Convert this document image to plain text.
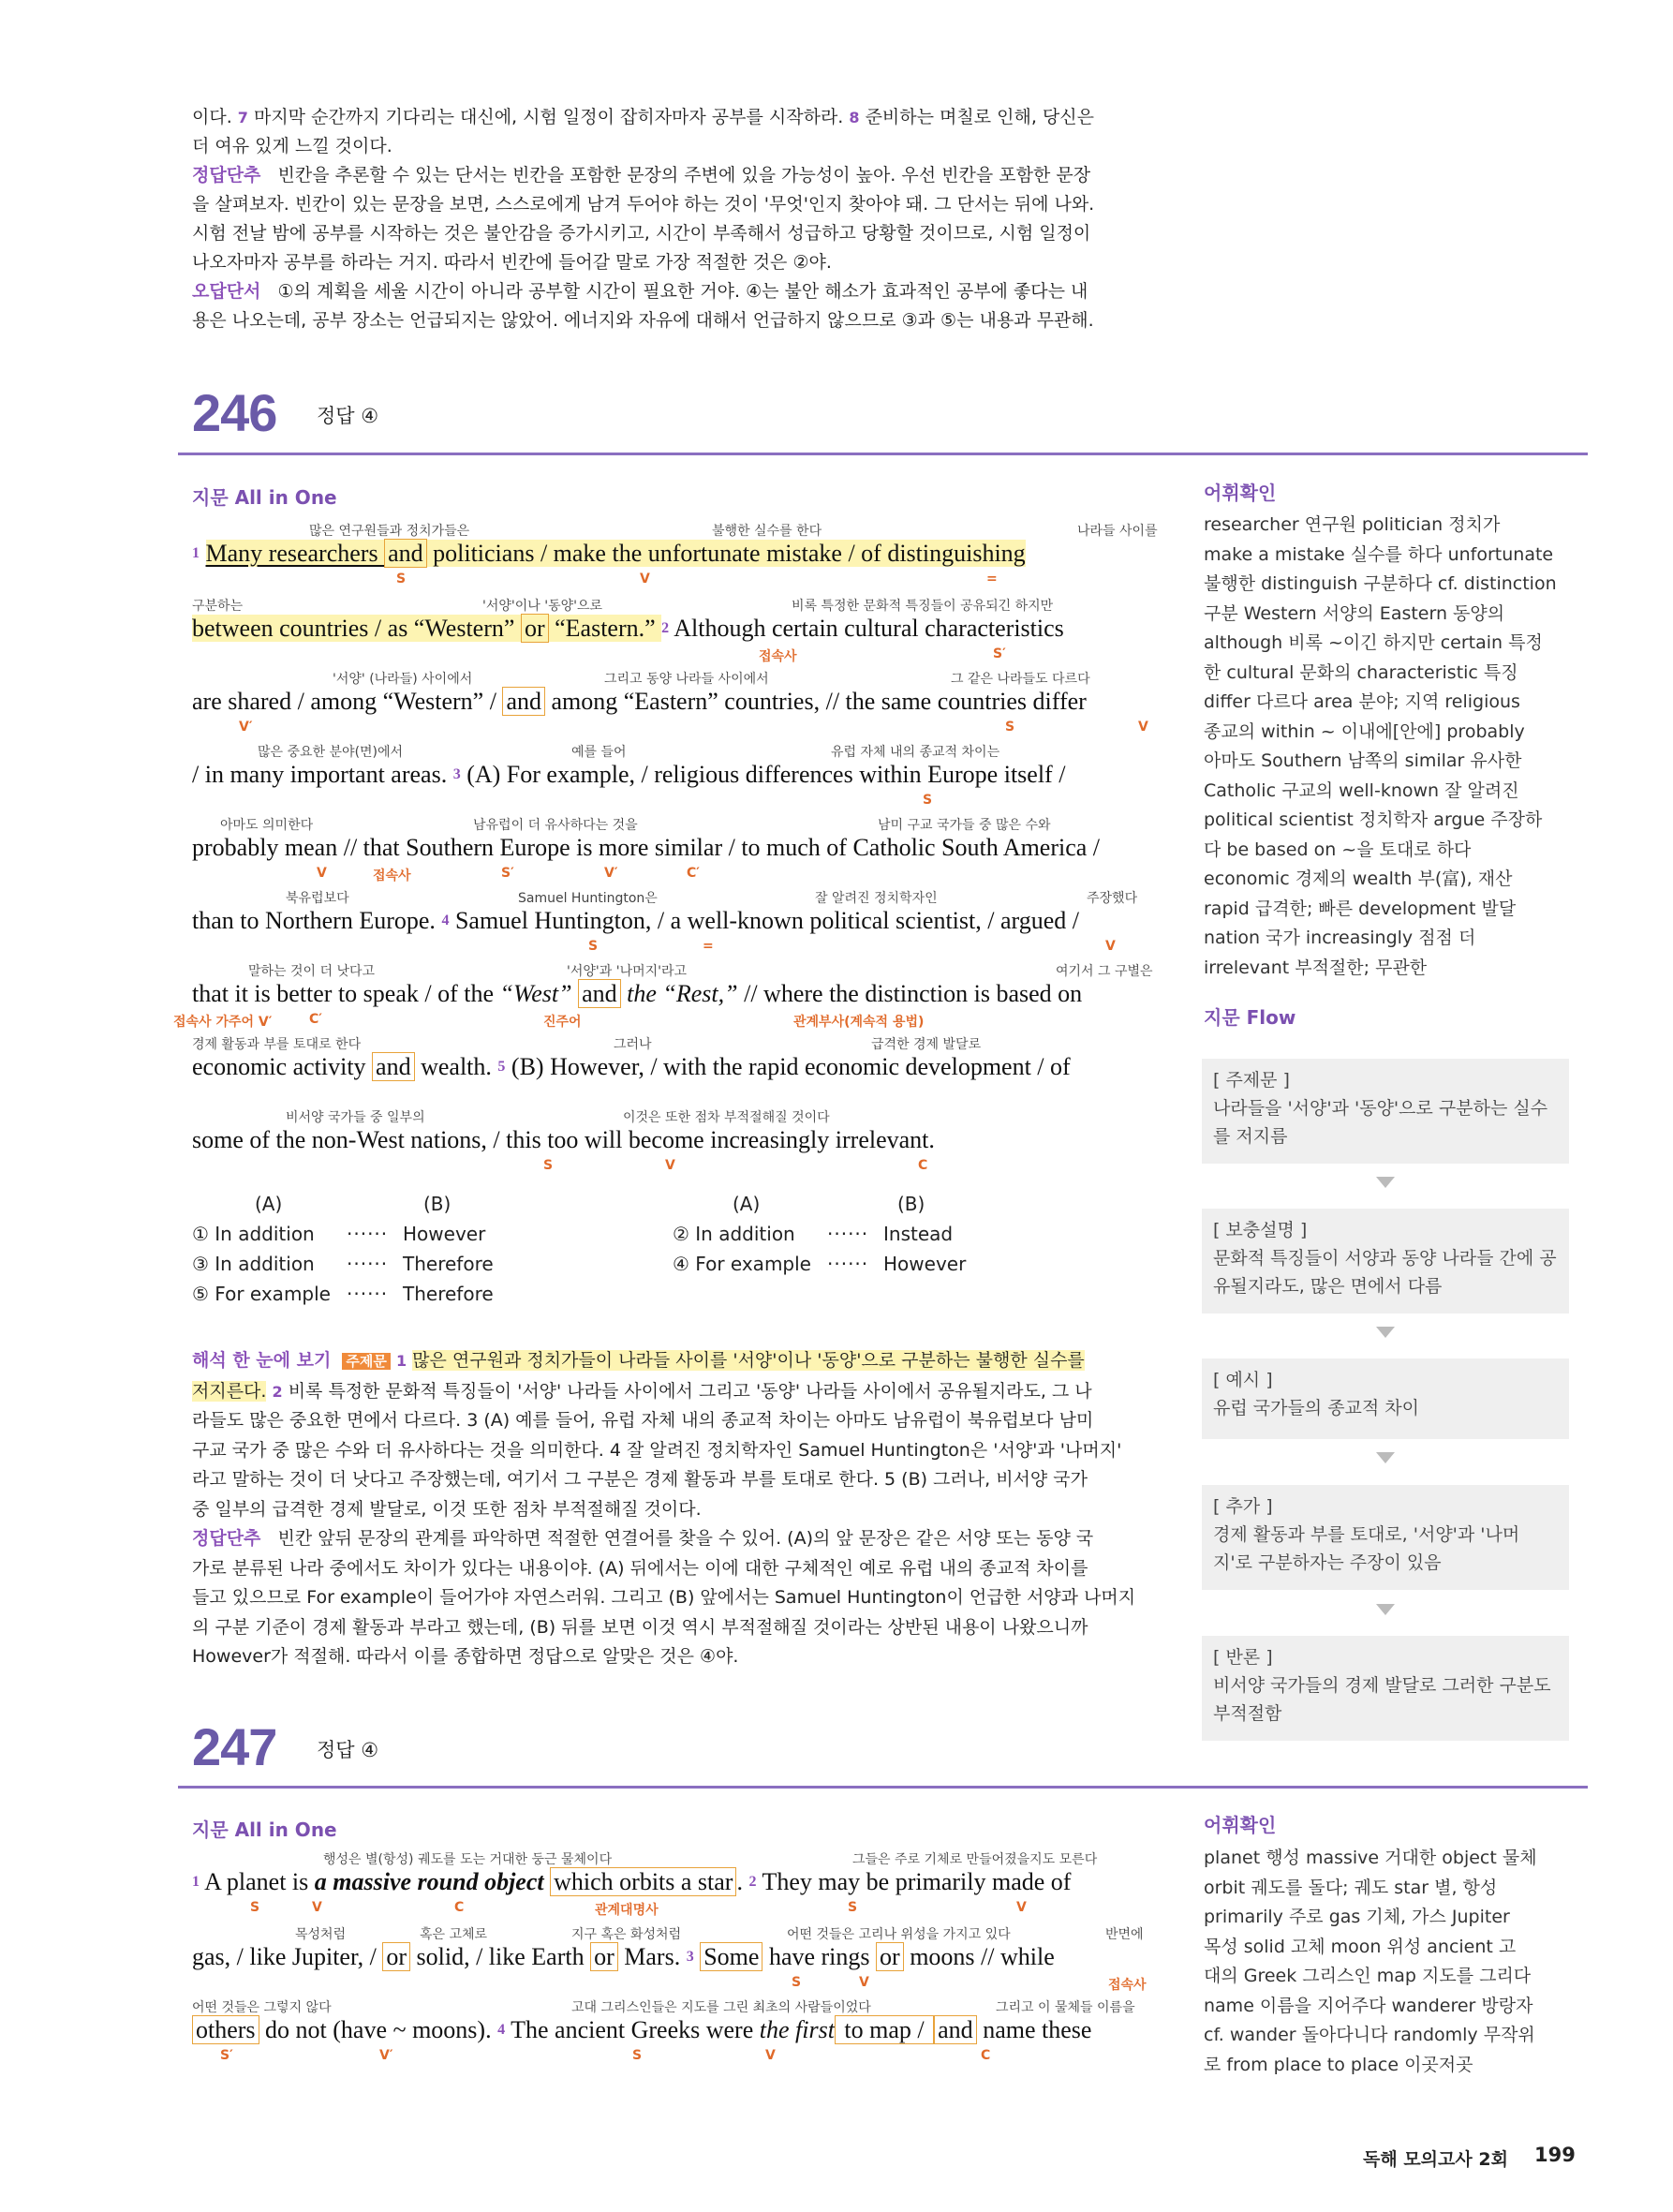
이다. $^7$ 마지막 순간까지 기다리는 대신에, 시험 일정이 잡히자마자 공부를 시작하라. $^8$ 준비하는 며칠로 인해, 당신은
더 여유 있게 느낄 것이다.
정답단추 빈칸을 추론할 수 있는 단서는 빈칸을 포함한 문장의 주변에 있을 가능성이 높아. 우선 빈칸을 포함한 문장
을 살펴보자. 빈칸이 있는 문장을 보면, 스스로에게 남겨 두어야 하는 것이 '무엇'인지 찾아야 돼. 그 단서는 뒤에 나와.
시험 전날 밤에 공부를 시작하는 것은 불안감을 증가시키고, 시간이 부족해서 성급하고 당황할 것이므로, 시험 일정이
나오자마자 공부를 하라는 거지. 따라서 빈칸에 들어갈 말로 가장 적절한 것은 ②야.
오답단서 ①의 계획을 세울 시간이 아니라 공부할 시간이 필요한 거야. ④는 불안 해소가 효과적인 공부에 좋다는 내
용은 나오는데, 공부 장소는 언급되지는 않았어. 에너지와 자유에 대해서 언급하지 않으므로 ③과 ⑤는 내용과 무관해.
246 정답 ④
지문 All in One
많은 연구원들과 정치가들은	불행한 실수를 한다	나라들 사이를
$^1$ Many researchers and politicians / make the unfortunate mistake / of distinguishing
S	V	=
구분하는	'서양'이나 '동양'으로	비록 특정한 문화적 특징들이 공유되긴 하지만
between countries / as “Western” or “Eastern.” $^2$ Although certain cultural characteristics
접속사	S′
'서양' (나라들) 사이에서	그리고 동양 나라들 사이에서	그 같은 나라들도 다르다
are shared / among “Western” / and among “Eastern” countries, // the same countries differ
V′	S	V
많은 중요한 분야(면)에서	예를 들어	유럽 자체 내의 종교적 차이는
/ in many important areas. $^3$ (A) For example, / religious differences within Europe itself /
S
아마도 의미한다	남유럽이 더 유사하다는 것을	남미 구교 국가들 중 많은 수와
probably mean // that Southern Europe is more similar / to much of Catholic South America /
V	접속사	S′	V′	C′
북유럽보다	Samuel Huntington은	잘 알려진 정치학자인	주장했다
than to Northern Europe. $^4$ Samuel Huntington, / a well-known political scientist, / argued /
S	=	V
말하는 것이 더 낫다고	'서양'과 '나머지'라고	여기서 그 구별은
that it is better to speak / of the “West” and the “Rest,” // where the distinction is based on
접속사 가주어 V′	C′	진주어	관계부사(계속적 용법)
경제 활동과 부를 토대로 한다	그러나	급격한 경제 발달로
economic activity and wealth. $^5$ (B) However, / with the rapid economic development / of
비서양 국가들 중 일부의	이것은 또한 점차 부적절해질 것이다
some of the non-West nations, / this too will become increasingly irrelevant.
S	V	C
(A)	(B)	(A)	(B)
① In addition ······ However	② In addition ······ Instead
③ In addition ······ Therefore	④ For example ······ However
⑤ For example ······ Therefore
해석 한 눈에 보기 주제문 $^1$ 많은 연구원과 정치가들이 나라들 사이를 '서양'이나 '동양'으로 구분하는 불행한 실수를
저지른다. $^2$ 비록 특정한 문화적 특징들이 '서양' 나라들 사이에서 그리고 '동양' 나라들 사이에서 공유될지라도, 그 나
라들도 많은 중요한 면에서 다르다. 3 (A) 예를 들어, 유럽 자체 내의 종교적 차이는 아마도 남유럽이 북유럽보다 남미
구교 국가 중 많은 수와 더 유사하다는 것을 의미한다. 4 잘 알려진 정치학자인 Samuel Huntington은 '서양'과 '나머지'
라고 말하는 것이 더 낫다고 주장했는데, 여기서 그 구분은 경제 활동과 부를 토대로 한다. 5 (B) 그러나, 비서양 국가
중 일부의 급격한 경제 발달로, 이것 또한 점차 부적절해질 것이다.
정답단추 빈칸 앞뒤 문장의 관계를 파악하면 적절한 연결어를 찾을 수 있어. (A)의 앞 문장은 같은 서양 또는 동양 국
가로 분류된 나라 중에서도 차이가 있다는 내용이야. (A) 뒤에서는 이에 대한 구체적인 예로 유럽 내의 종교적 차이를
들고 있으므로 For example이 들어가야 자연스러워. 그리고 (B) 앞에서는 Samuel Huntington이 언급한 서양과 나머지
의 구분 기준이 경제 활동과 부라고 했는데, (B) 뒤를 보면 이것 역시 부적절해질 것이라는 상반된 내용이 나왔으니까
However가 적절해. 따라서 이를 종합하면 정답으로 알맞은 것은 ④야.
어휘확인
researcher 연구원 politician 정치가
make a mistake 실수를 하다 unfortunate
불행한 distinguish 구분하다 cf. distinction
구분 Western 서양의 Eastern 동양의
although 비록 ~이긴 하지만 certain 특정
한 cultural 문화의 characteristic 특징
differ 다르다 area 분야; 지역 religious
종교의 within ~ 이내에[안에] probably
아마도 Southern 남쪽의 similar 유사한
Catholic 구교의 well-known 잘 알려진
political scientist 정치학자 argue 주장하
다 be based on ~을 토대로 하다
economic 경제의 wealth 부(富), 재산
rapid 급격한; 빠른 development 발달
nation 국가 increasingly 점점 더
irrelevant 부적절한; 무관한
지문 Flow
[ 주제문 ]
나라들을 '서양'과 '동양'으로 구분하는 실수를 저지름
[ 보충설명 ]
문화적 특징들이 서양과 동양 나라들 간에 공유될지라도, 많은 면에서 다름
[ 예시 ]
유럽 국가들의 종교적 차이
[ 추가 ]
경제 활동과 부를 토대로, '서양'과 '나머지'로 구분하자는 주장이 있음
[ 반론 ]
비서양 국가들의 경제 발달로 그러한 구분도 부적절함
247 정답 ④
지문 All in One
행성은 별(항성) 궤도를 도는 거대한 둥근 물체이다	그들은 주로 기체로 만들어졌을지도 모른다
$^1$ A planet is a massive round object which orbits a star . $^2$ They may be primarily made of
S	V	C	관계대명사	S	V
목성처럼	혹은 고체로	지구 혹은 화성처럼	어떤 것들은 고리나 위성을 가지고 있다	반면에
gas, / like Jupiter, / or solid, / like Earth or Mars. $^3$ Some have rings or moons // while
S	V	접속사
어떤 것들은 그렇지 않다	고대 그리스인들은 지도를 그린 최초의 사람들이었다	그리고 이 물체들 이름을
others do not (have ~ moons). $^4$ The ancient Greeks were the first to map / and name these
S′	V′	S	V	C
어휘확인
planet 행성 massive 거대한 object 물체
orbit 궤도를 돌다; 궤도 star 별, 항성
primarily 주로 gas 기체, 가스 Jupiter
목성 solid 고체 moon 위성 ancient 고
대의 Greek 그리스인 map 지도를 그리다
name 이름을 지어주다 wanderer 방랑자
cf. wander 돌아다니다 randomly 무작위
로 from place to place 이곳저곳
독해 모의고사 2회 199
